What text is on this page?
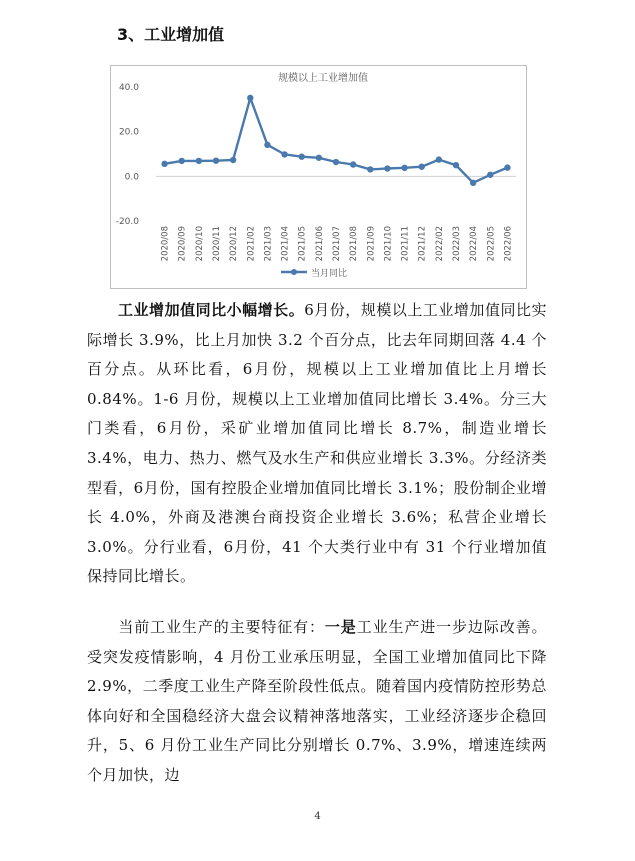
3、工业增加值
规模以上工业增加值
40.0
20.0
0.0
-20.0
2020/08 2020/09 2020/10 2020/11 2020/12 2021/02 2021/03 2021/04 2021/05 2021/06 2021/07 2021/08 2021/09 2021/10 2021/11 2021/12 2022/02 2022/03 2022/04 2022/05 2022/06
当月同比
  工业增加值同比小幅增长。6月份，规模以上工业增加值同比实际增长 3.9%，比上月加快 3.2 个百分点，比去年同期回落 4.4 个百分点。从环比看，6月份，规模以上工业增加值比上月增长 0.84%。1-6 月份，规模以上工业增加值同比增长 3.4%。分三大门类看，6月份，采矿业增加值同比增长 8.7%，制造业增长 3.4%，电力、热力、燃气及水生产和供应业增长 3.3%。分经济类型看，6月份，国有控股企业增加值同比增长 3.1%；股份制企业增长 4.0%，外商及港澳台商投资企业增长 3.6%；私营企业增长 3.0%。分行业看，6月份，41 个大类行业中有 31 个行业增加值保持同比增长。
  当前工业生产的主要特征有：一是工业生产进一步边际改善。受突发疫情影响，4 月份工业承压明显，全国工业增加值同比下降 2.9%，二季度工业生产降至阶段性低点。随着国内疫情防控形势总体向好和全国稳经济大盘会议精神落地落实，工业经济逐步企稳回升，5、6 月份工业生产同比分别增长 0.7%、3.9%，增速连续两个月加快，边
4
